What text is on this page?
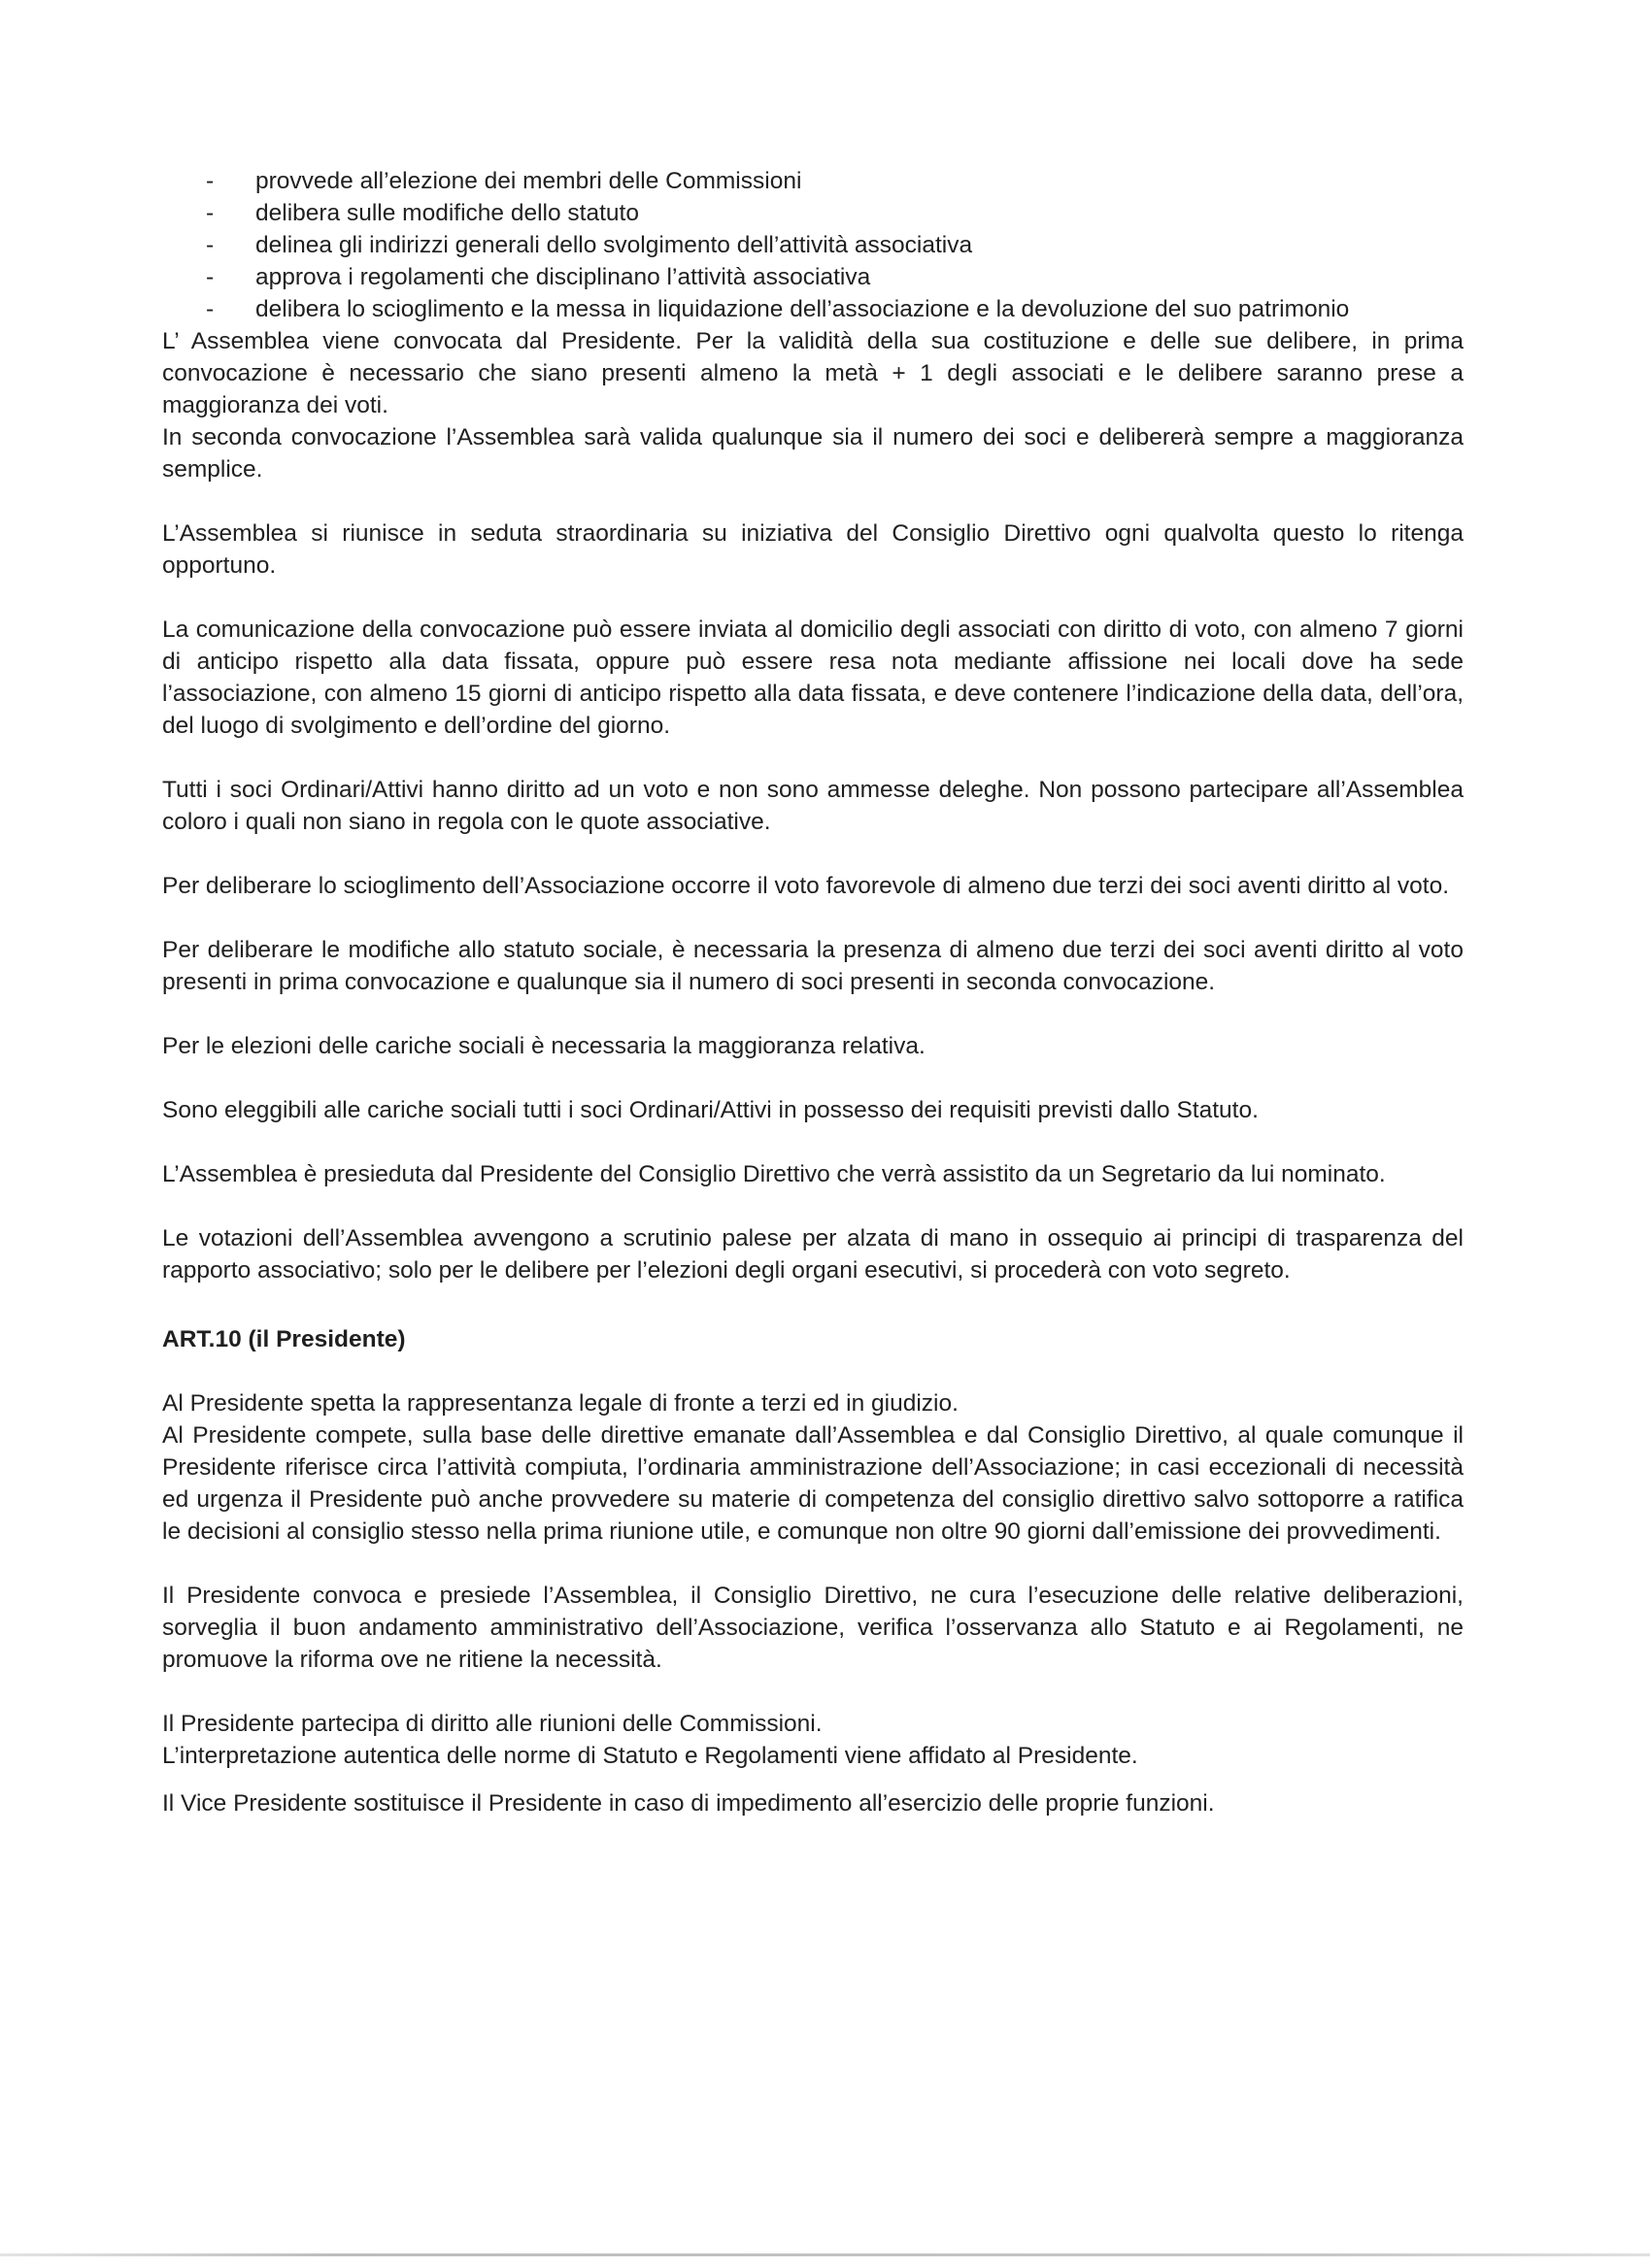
- provvede all’elezione dei membri delle Commissioni
- delibera sulle modifiche dello statuto
- delinea gli indirizzi generali dello svolgimento dell’attività associativa
- approva i regolamenti che disciplinano l’attività associativa
- delibera lo scioglimento e la messa in liquidazione dell’associazione e la devoluzione del suo patrimonio

L’ Assemblea viene convocata dal Presidente. Per la validità della sua costituzione e delle sue delibere, in prima convocazione è necessario che siano presenti almeno la metà + 1 degli associati e le delibere saranno prese a maggioranza dei voti.

In seconda convocazione l’Assemblea sarà valida qualunque sia il numero dei soci e delibererà sempre a maggioranza semplice.

L’Assemblea si riunisce in seduta straordinaria su iniziativa del Consiglio Direttivo ogni qualvolta questo lo ritenga opportuno.

La comunicazione della convocazione può essere inviata al domicilio degli associati con diritto di voto, con almeno 7 giorni di anticipo rispetto alla data fissata, oppure può essere resa nota mediante affissione nei locali dove ha sede l’associazione, con almeno 15 giorni di anticipo rispetto alla data fissata, e deve contenere l’indicazione della data, dell’ora, del luogo di svolgimento e dell’ordine del giorno.

Tutti i soci Ordinari/Attivi hanno diritto ad un voto e non sono ammesse deleghe. Non possono partecipare all’Assemblea coloro i quali non siano in regola con le quote associative.

Per deliberare lo scioglimento dell’Associazione occorre il voto favorevole di almeno due terzi dei soci aventi diritto al voto.

Per deliberare le modifiche allo statuto sociale, è necessaria la presenza di almeno due terzi dei soci aventi diritto al voto presenti in prima convocazione e qualunque sia il numero di soci presenti in seconda convocazione.

Per le elezioni delle cariche sociali è necessaria la maggioranza relativa.

Sono eleggibili alle cariche sociali tutti i soci Ordinari/Attivi in possesso dei requisiti previsti dallo Statuto.

L’Assemblea è presieduta dal Presidente del Consiglio Direttivo che verrà assistito da un Segretario da lui nominato.

Le votazioni dell’Assemblea avvengono a scrutinio palese per alzata di mano in ossequio ai principi di trasparenza del rapporto associativo; solo per le delibere per l’elezioni degli organi esecutivi, si procederà con voto segreto.

ART.10 (il Presidente)

Al Presidente spetta la rappresentanza legale di fronte a terzi ed in giudizio.

Al Presidente compete, sulla base delle direttive emanate dall’Assemblea e dal Consiglio Direttivo, al quale comunque il Presidente riferisce circa l’attività compiuta, l’ordinaria amministrazione dell’Associazione; in casi eccezionali di necessità ed urgenza il Presidente può anche provvedere su materie di competenza del consiglio direttivo salvo sottoporre a ratifica le decisioni al consiglio stesso nella prima riunione utile, e comunque non oltre 90 giorni dall’emissione dei provvedimenti.

Il Presidente convoca e presiede l’Assemblea, il Consiglio Direttivo, ne cura l’esecuzione delle relative deliberazioni, sorveglia il buon andamento amministrativo dell’Associazione, verifica l’osservanza allo Statuto e ai Regolamenti, ne promuove la riforma ove ne ritiene la necessità.

Il Presidente partecipa di diritto alle riunioni delle Commissioni.

L’interpretazione autentica delle norme di Statuto e Regolamenti viene affidato al Presidente.

Il Vice Presidente sostituisce il Presidente in caso di impedimento all’esercizio delle proprie funzioni.
